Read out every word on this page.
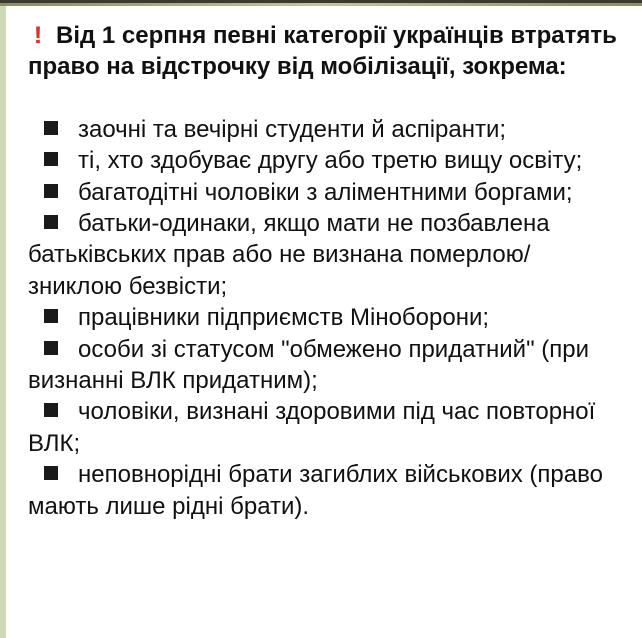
! Від 1 серпня певні категорії українців втратять право на відстрочку від мобілізації, зокрема:

заочні та вечірні студенти й аспіранти;
ті, хто здобуває другу або третю вищу освіту;
багатодітні чоловіки з аліментними боргами;
батьки-одинаки, якщо мати не позбавлена батьківських прав або не визнана померлою/зниклою безвісти;
працівники підприємств Міноборони;
особи зі статусом "обмежено придатний" (при визнанні ВЛК придатним);
чоловіки, визнані здоровими під час повторної ВЛК;
неповнорідні брати загиблих військових (право мають лише рідні брати).
